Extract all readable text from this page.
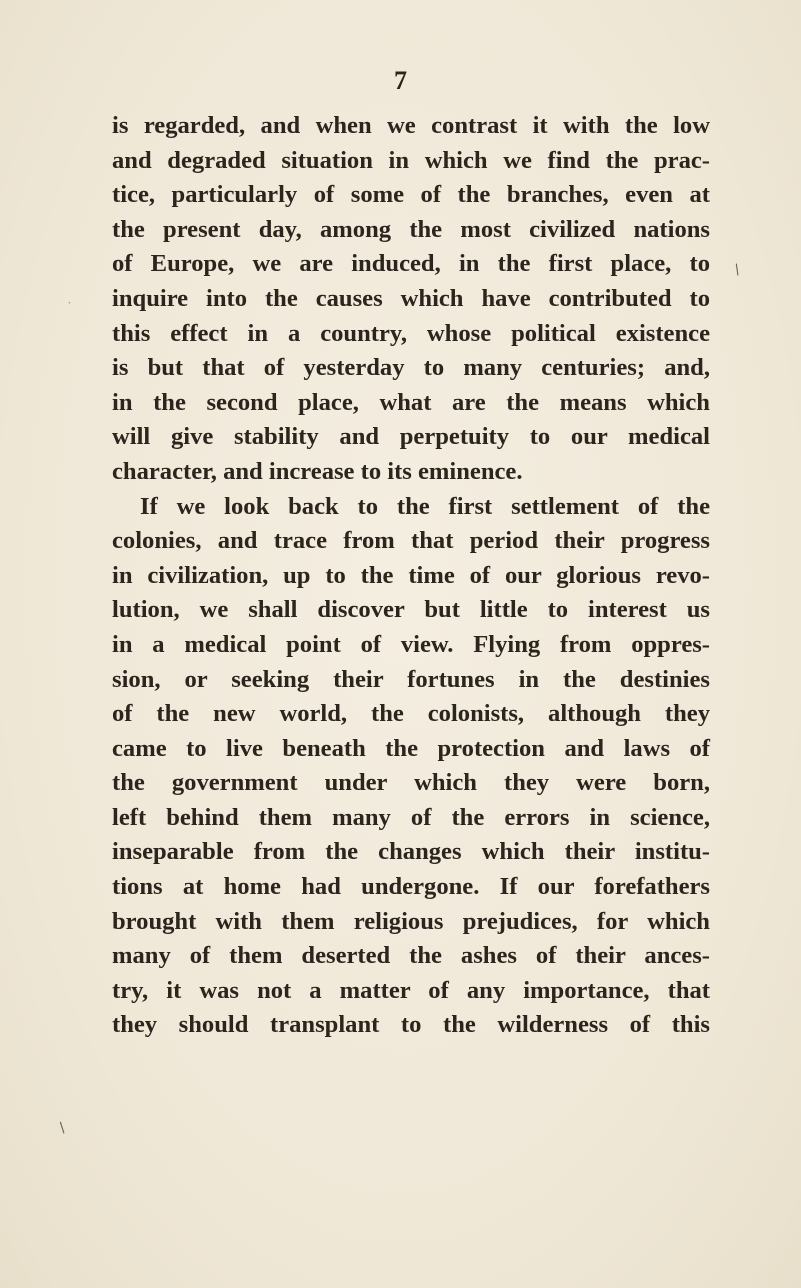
7
is regarded, and when we contrast it with the low
and degraded situation in which we find the prac-
tice, particularly of some of the branches, even at
the present day, among the most civilized nations
of Europe, we are induced, in the first place, to
inquire into the causes which have contributed to
this effect in a country, whose political existence
is but that of yesterday to many centuries; and,
in the second place, what are the means which
will give stability and perpetuity to our medical
character, and increase to its eminence.
If we look back to the first settlement of the
colonies, and trace from that period their progress
in civilization, up to the time of our glorious revo-
lution, we shall discover but little to interest us
in a medical point of view. Flying from oppres-
sion, or seeking their fortunes in the destinies
of the new world, the colonists, although they
came to live beneath the protection and laws of
the government under which they were born,
left behind them many of the errors in science,
inseparable from the changes which their institu-
tions at home had undergone. If our forefathers
brought with them religious prejudices, for which
many of them deserted the ashes of their ances-
try, it was not a matter of any importance, that
they should transplant to the wilderness of this
/
˯
/
